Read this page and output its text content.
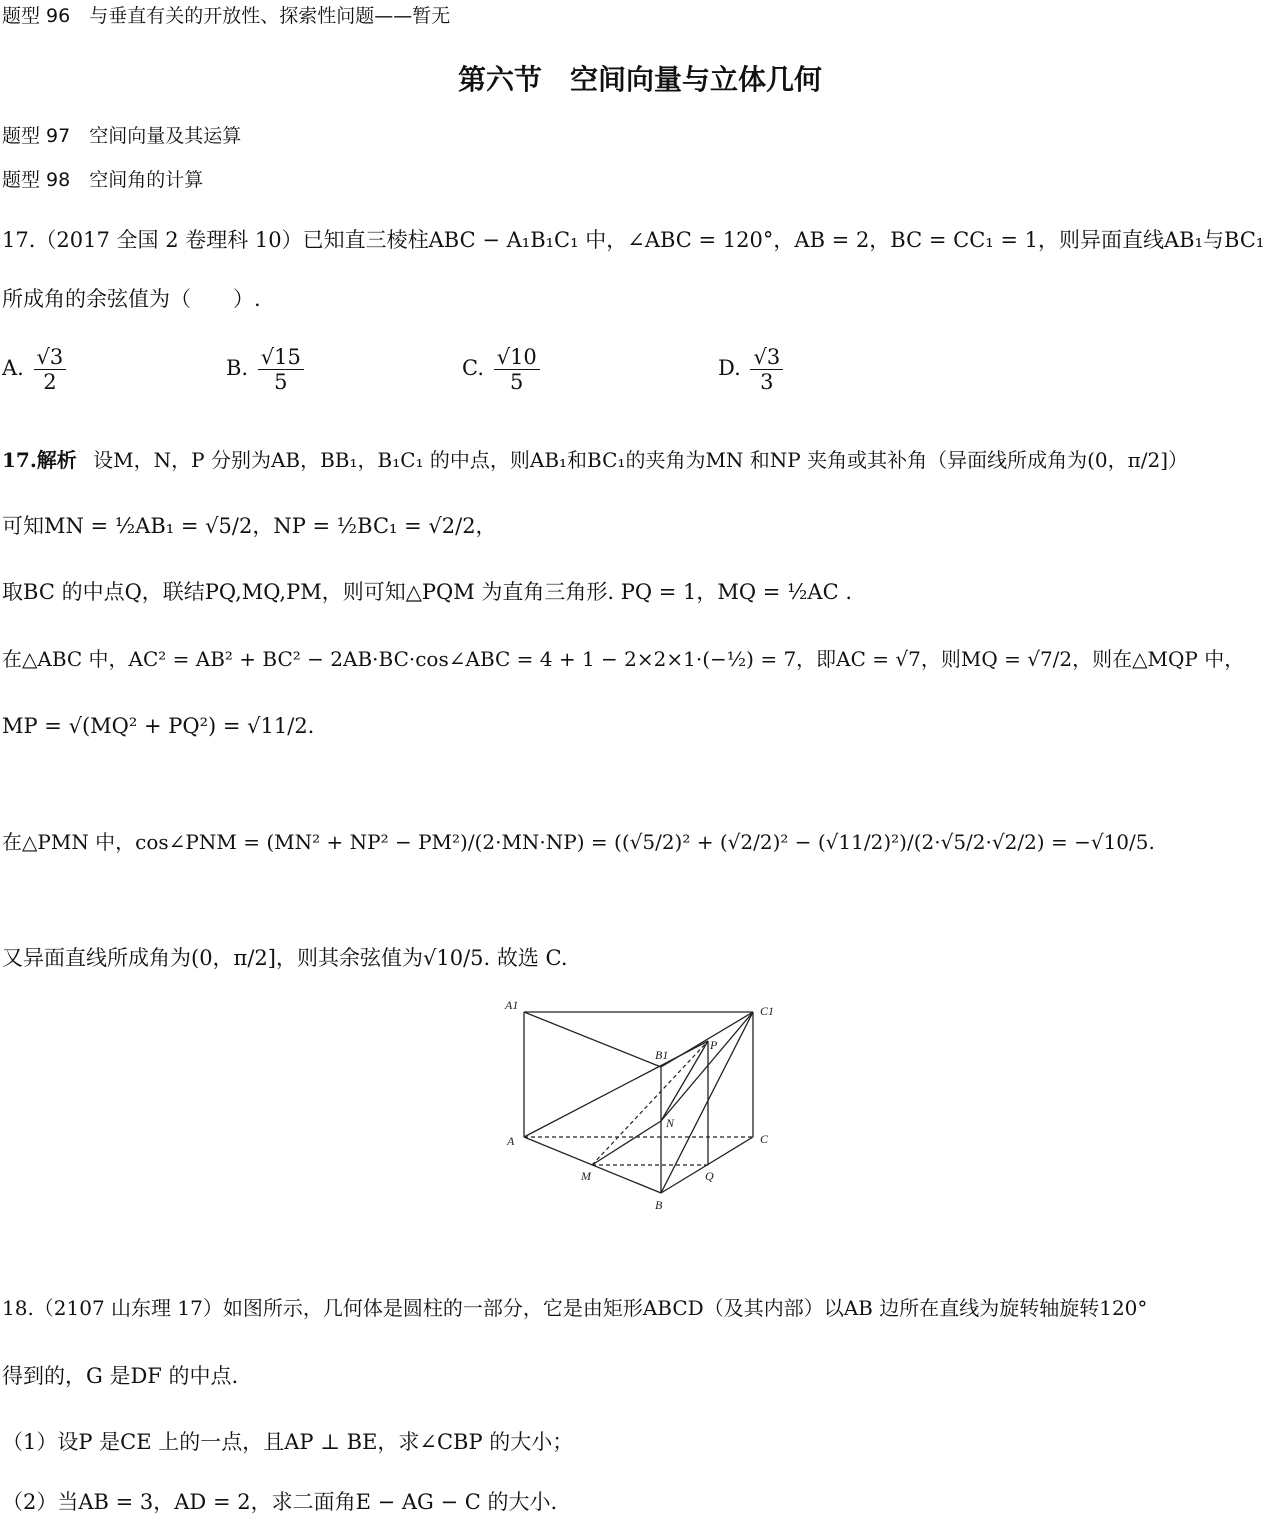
题型 96　与垂直有关的开放性、探索性问题——暂无
第六节　空间向量与立体几何
题型 97　空间向量及其运算
题型 98　空间角的计算
17.（2017 全国 2 卷理科 10）已知直三棱柱ABC − A₁B₁C₁ 中，∠ABC = 120°，AB = 2，BC = CC₁ = 1，则异面直线AB₁与BC₁
所成角的余弦值为（　　）.
A. $\frac{√3}{2}$	B. $\frac{√15}{5}$	C. $\frac{√10}{5}$	D. $\frac{√3}{3}$
17.解析 设M，N，P 分别为AB，BB₁，B₁C₁ 的中点，则AB₁和BC₁的夹角为MN 和NP 夹角或其补角（异面线所成角为(0，π/2]）
可知MN = ½AB₁ = √5/2，NP = ½BC₁ = √2/2，
取BC 的中点Q，联结PQ,MQ,PM，则可知△PQM 为直角三角形. PQ = 1，MQ = ½AC .
在△ABC 中，AC² = AB² + BC² − 2AB·BC·cos∠ABC = 4 + 1 − 2×2×1·(−½) = 7，即AC = √7，则MQ = √7/2，则在△MQP 中，
MP = √(MQ² + PQ²) = √11/2.
在△PMN 中，cos∠PNM = (MN² + NP² − PM²)/(2·MN·NP) = ((√5/2)² + (√2/2)² − (√11/2)²)/(2·√5/2·√2/2) = −√10/5.
又异面直线所成角为(0，π/2]，则其余弦值为√10/5. 故选 C.
A1	C1
B1
P
N
A	C
M	Q
B
18.（2107 山东理 17）如图所示，几何体是圆柱的一部分，它是由矩形ABCD（及其内部）以AB 边所在直线为旋转轴旋转120°
得到的，G 是DF 的中点.
（1）设P 是CE 上的一点，且AP ⊥ BE，求∠CBP 的大小；
（2）当AB = 3，AD = 2，求二面角E − AG − C 的大小.
